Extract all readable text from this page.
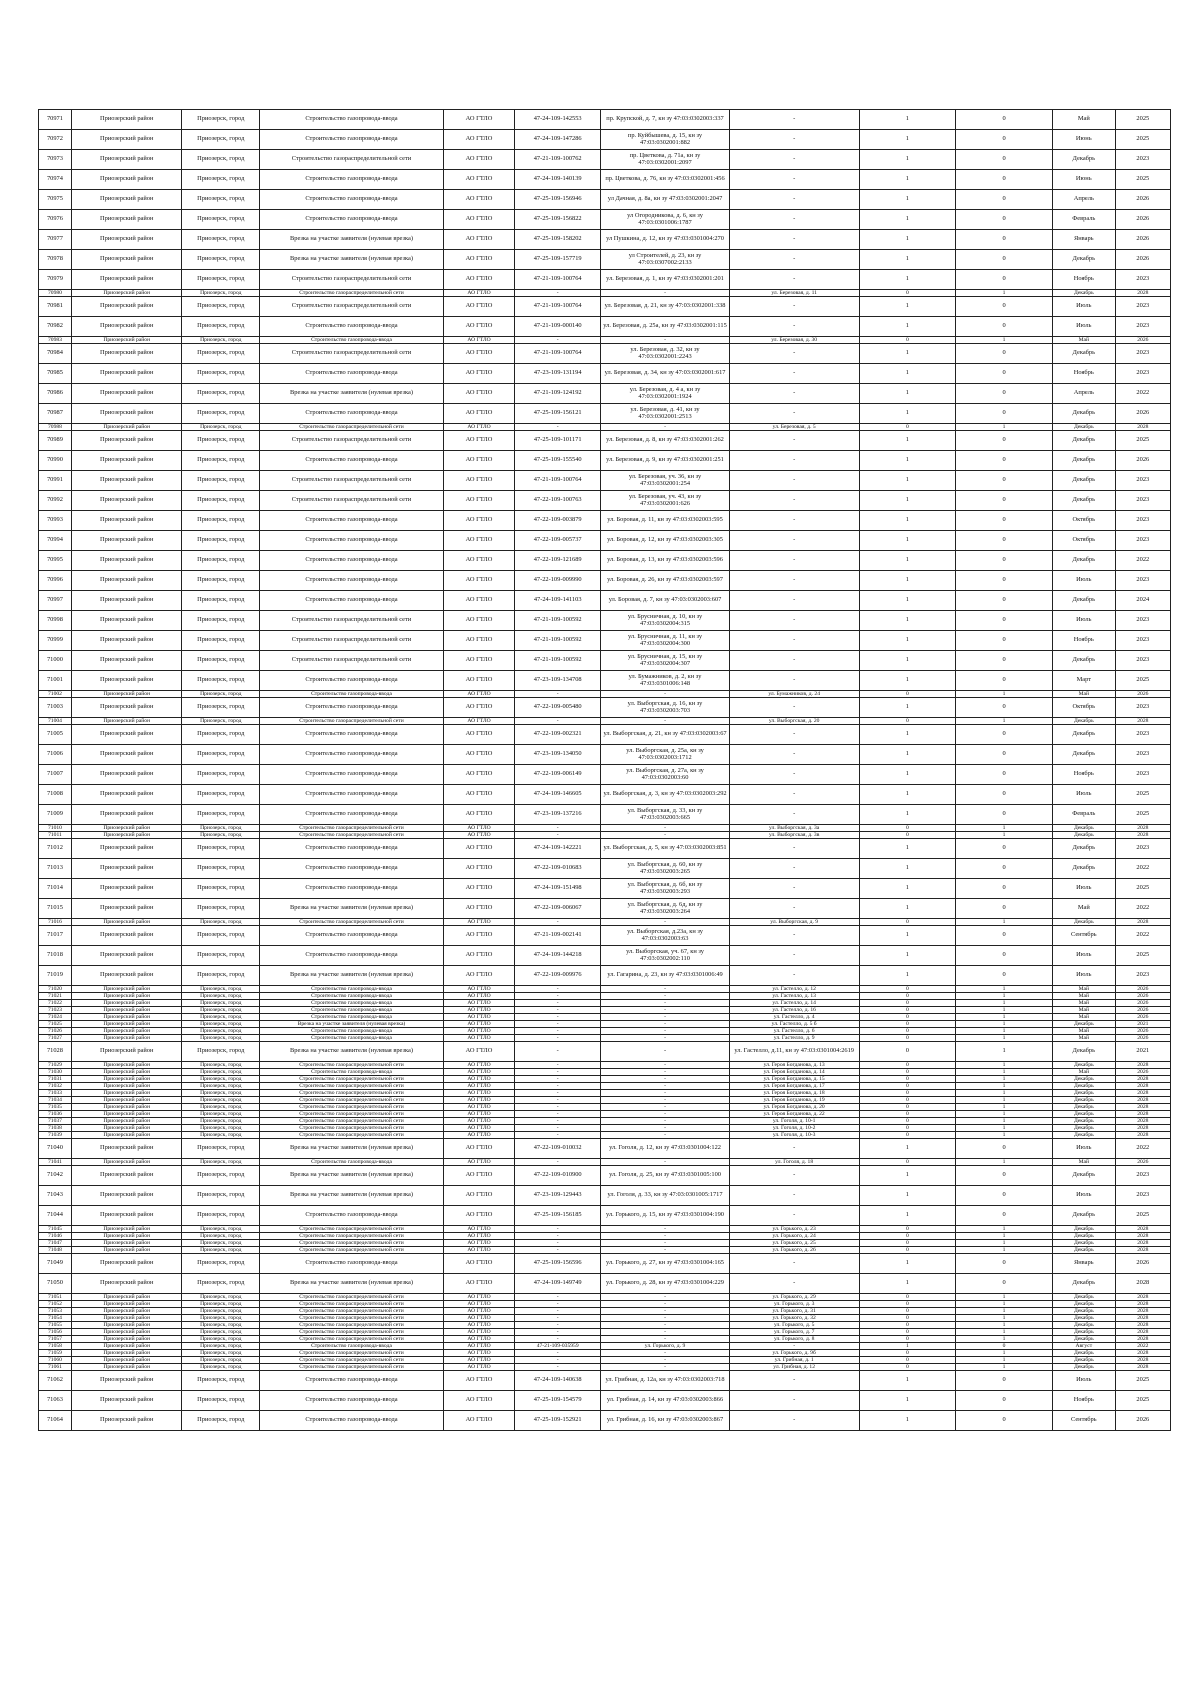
70971	Приозерский район	Приозерск, город	Строительство газопровода-ввода	АО ГТЛО	47-24-109-142553	пр. Крупской, д. 7, кн зу 47:03:0302003:337	-	1	0	Май	2025
70972	Приозерский район	Приозерск, город	Строительство газопровода-ввода	АО ГТЛО	47-24-109-147286	пр. Куйбышева, д. 15, кн зу 47:03:0302001:882	-	1	0	Июнь	2025
70973	Приозерский район	Приозерск, город	Строительство газораспределительной сети	АО ГТЛО	47-21-109-100762	пр. Цветкова, д. 71а, кн зу 47:03:0302001:2097	-	1	0	Декабрь	2023
70974	Приозерский район	Приозерск, город	Строительство газопровода-ввода	АО ГТЛО	47-24-109-140139	пр. Цветкова, д. 76, кн зу 47:03:0302001:456	-	1	0	Июнь	2025
70975	Приозерский район	Приозерск, город	Строительство газопровода-ввода	АО ГТЛО	47-25-109-156946	ул Дачная, д. 8а, кн зу 47:03:0302001:2047	-	1	0	Апрель	2026
70976	Приозерский район	Приозерск, город	Строительство газопровода-ввода	АО ГТЛО	47-25-109-156822	ул Огородникова, д. 6, кн зу 47:03:0301006:1787	-	1	0	Февраль	2026
70977	Приозерский район	Приозерск, город	Врезка на участке заявителя (нулевая врезка)	АО ГТЛО	47-25-109-158202	ул Пушкина, д. 12, кн зу 47:03:0301004:270	-	1	0	Январь	2026
70978	Приозерский район	Приозерск, город	Врезка на участке заявителя (нулевая врезка)	АО ГТЛО	47-25-109-157719	ул Строителей, д. 23, кн зу 47:03:0307002:2133	-	1	0	Декабрь	2026
70979	Приозерский район	Приозерск, город	Строительство газораспределительной сети	АО ГТЛО	47-21-109-100764	ул. Березовая, д. 1, кн зу 47:03:0302001:201	-	1	0	Ноябрь	2023
70980	Приозерский район	Приозерск, город	Строительство газораспределительной сети	АО ГТЛО	-	-	ул. Березовая, д. 11	0	1	Декабрь	2028
70981	Приозерский район	Приозерск, город	Строительство газораспределительной сети	АО ГТЛО	47-21-109-100764	ул. Березовая, д. 21, кн зу 47:03:0302001:338	-	1	0	Июль	2023
70982	Приозерский район	Приозерск, город	Строительство газопровода-ввода	АО ГТЛО	47-21-109-000140	ул. Березовая, д. 25а, кн зу 47:03:0302001:115	-	1	0	Июль	2023
70983	Приозерский район	Приозерск, город	Строительство газопровода-ввода	АО ГТЛО	-	-	ул. Березовая, д. 30	0	1	Май	2026
70984	Приозерский район	Приозерск, город	Строительство газораспределительной сети	АО ГТЛО	47-21-109-100764	ул. Березовая, д. 32, кн зу 47:03:0302001:2243	-	1	0	Декабрь	2023
70985	Приозерский район	Приозерск, город	Строительство газопровода-ввода	АО ГТЛО	47-23-109-131194	ул. Березовая, д. 34, кн зу 47:03:0302001:617	-	1	0	Ноябрь	2023
70986	Приозерский район	Приозерск, город	Врезка на участке заявителя (нулевая врезка)	АО ГТЛО	47-21-109-124192	ул. Березовая, д. 4 а, кн зу 47:03:0302001:1924	-	1	0	Апрель	2022
70987	Приозерский район	Приозерск, город	Строительство газопровода-ввода	АО ГТЛО	47-25-109-156121	ул. Березовая, д. 41, кн зу 47:03:0302001:2513	-	1	0	Декабрь	2026
70988	Приозерский район	Приозерск, город	Строительство газораспределительной сети	АО ГТЛО	-	-	ул. Березовая, д. 5	0	1	Декабрь	2028
70989	Приозерский район	Приозерск, город	Строительство газораспределительной сети	АО ГТЛО	47-25-109-101171	ул. Березовая, д. 8, кн зу 47:03:0302001:262	-	1	0	Декабрь	2025
70990	Приозерский район	Приозерск, город	Строительство газопровода-ввода	АО ГТЛО	47-25-109-155540	ул. Березовая, д. 9, кн зу 47:03:0302001:251	-	1	0	Декабрь	2026
70991	Приозерский район	Приозерск, город	Строительство газораспределительной сети	АО ГТЛО	47-21-109-100764	ул. Березовая, уч. 36, кн зу 47:03:0302001:254	-	1	0	Декабрь	2023
70992	Приозерский район	Приозерск, город	Строительство газораспределительной сети	АО ГТЛО	47-22-109-100763	ул. Березовая, уч. 43, кн зу 47:03:0302001:626	-	1	0	Декабрь	2023
70993	Приозерский район	Приозерск, город	Строительство газопровода-ввода	АО ГТЛО	47-22-109-003879	ул. Боровая, д. 11, кн зу 47:03:0302003:595	-	1	0	Октябрь	2023
70994	Приозерский район	Приозерск, город	Строительство газопровода-ввода	АО ГТЛО	47-22-109-005737	ул. Боровая, д. 12, кн зу 47:03:0302003:305	-	1	0	Октябрь	2023
70995	Приозерский район	Приозерск, город	Строительство газопровода-ввода	АО ГТЛО	47-22-109-121689	ул. Боровая, д. 13, кн зу 47:03:0302003:596	-	1	0	Декабрь	2022
70996	Приозерский район	Приозерск, город	Строительство газопровода-ввода	АО ГТЛО	47-22-109-009990	ул. Боровая, д. 26, кн зу 47:03:0302003:597	-	1	0	Июль	2023
70997	Приозерский район	Приозерск, город	Строительство газопровода-ввода	АО ГТЛО	47-24-109-141103	ул. Боровая, д. 7, кн зу 47:03:0302003:607	-	1	0	Декабрь	2024
70998	Приозерский район	Приозерск, город	Строительство газораспределительной сети	АО ГТЛО	47-21-109-100592	ул. Брусничная, д. 10, кн зу 47:03:0302004:315	-	1	0	Июль	2023
70999	Приозерский район	Приозерск, город	Строительство газораспределительной сети	АО ГТЛО	47-21-109-100592	ул. Брусничная, д. 11, кн зу 47:03:0302004:300	-	1	0	Ноябрь	2023
71000	Приозерский район	Приозерск, город	Строительство газораспределительной сети	АО ГТЛО	47-21-109-100592	ул. Брусничная, д. 15, кн зу 47:03:0302004:307	-	1	0	Декабрь	2023
71001	Приозерский район	Приозерск, город	Строительство газопровода-ввода	АО ГТЛО	47-23-109-134708	ул. Бумажников, д. 2, кн зу 47:03:0301006:148	-	1	0	Март	2025
71002	Приозерский район	Приозерск, город	Строительство газопровода-ввода	АО ГТЛО	-	-	ул. Бумажников, д. 24	0	1	Май	2026
71003	Приозерский район	Приозерск, город	Строительство газопровода-ввода	АО ГТЛО	47-22-109-005480	ул. Выборгская, д. 16, кн зу 47:03:0302003:703	-	1	0	Октябрь	2023
71004	Приозерский район	Приозерск, город	Строительство газораспределительной сети	АО ГТЛО	-	-	ул. Выборгская, д. 20	0	1	Декабрь	2028
71005	Приозерский район	Приозерск, город	Строительство газопровода-ввода	АО ГТЛО	47-22-109-002321	ул. Выборгская, д. 21, кн зу 47:03:0302003:67	-	1	0	Декабрь	2023
71006	Приозерский район	Приозерск, город	Строительство газопровода-ввода	АО ГТЛО	47-23-109-134050	ул. Выборгская, д. 25а, кн зу 47:03:0302003:1712	-	1	0	Декабрь	2023
71007	Приозерский район	Приозерск, город	Строительство газопровода-ввода	АО ГТЛО	47-22-109-006149	ул. Выборгская, д. 27а, кн зу 47:03:0302003:60	-	1	0	Ноябрь	2023
71008	Приозерский район	Приозерск, город	Строительство газопровода-ввода	АО ГТЛО	47-24-109-146605	ул. Выборгская, д. 3, кн зу 47:03:0302003:292	-	1	0	Июль	2025
71009	Приозерский район	Приозерск, город	Строительство газопровода-ввода	АО ГТЛО	47-23-109-137216	ул. Выборгская, д. 33, кн зу 47:03:0302003:665	-	1	0	Февраль	2025
71010	Приозерский район	Приозерск, город	Строительство газораспределительной сети	АО ГТЛО	-	-	ул. Выборгская, д. 3а	0	1	Декабрь	2028
71011	Приозерский район	Приозерск, город	Строительство газораспределительной сети	АО ГТЛО	-	-	ул. Выборгская, д. 3в	0	1	Декабрь	2028
71012	Приозерский район	Приозерск, город	Строительство газопровода-ввода	АО ГТЛО	47-24-109-142221	ул. Выборгская, д. 5, кн зу 47:03:0302003:851	-	1	0	Декабрь	2023
71013	Приозерский район	Приозерск, город	Строительство газопровода-ввода	АО ГТЛО	47-22-109-010683	ул. Выборгская, д. 60, кн зу 47:03:0302003:265	-	1	0	Декабрь	2022
71014	Приозерский район	Приозерск, город	Строительство газопровода-ввода	АО ГТЛО	47-24-109-151498	ул. Выборгская, д. 6б, кн зу 47:03:0302003:293	-	1	0	Июль	2025
71015	Приозерский район	Приозерск, город	Врезка на участке заявителя (нулевая врезка)	АО ГТЛО	47-22-109-006067	ул. Выборгская, д. 6д, кн зу 47:03:0302003:264	-	1	0	Май	2022
71016	Приозерский район	Приозерск, город	Строительство газораспределительной сети	АО ГТЛО	-	-	ул. Выборгская, д. 9	0	1	Декабрь	2028
71017	Приозерский район	Приозерск, город	Строительство газопровода-ввода	АО ГТЛО	47-21-109-002141	ул. Выборгская, д.23а, кн зу 47:03:0302003:63	-	1	0	Сентябрь	2022
71018	Приозерский район	Приозерск, город	Строительство газопровода-ввода	АО ГТЛО	47-24-109-144218	ул. Выборгская, уч. 67, кн зу 47:03:0302002:110	-	1	0	Июль	2025
71019	Приозерский район	Приозерск, город	Врезка на участке заявителя (нулевая врезка)	АО ГТЛО	47-22-109-009976	ул. Гагарина, д. 23, кн зу 47:03:0301006:49	-	1	0	Июль	2023
71020	Приозерский район	Приозерск, город	Строительство газопровода-ввода	АО ГТЛО	-	-	ул. Гастелло, д. 12	0	1	Май	2026
71021	Приозерский район	Приозерск, город	Строительство газопровода-ввода	АО ГТЛО	-	-	ул. Гастелло, д. 13	0	1	Май	2026
71022	Приозерский район	Приозерск, город	Строительство газопровода-ввода	АО ГТЛО	-	-	ул. Гастелло, д. 14	0	1	Май	2026
71023	Приозерский район	Приозерск, город	Строительство газопровода-ввода	АО ГТЛО	-	-	ул. Гастелло, д. 16	0	1	Май	2026
71024	Приозерский район	Приозерск, город	Строительство газопровода-ввода	АО ГТЛО	-	-	ул. Гастелло, д. 4	0	1	Май	2026
71025	Приозерский район	Приозерск, город	Врезка на участке заявителя (нулевая врезка)	АО ГТЛО	-	-	ул. Гастелло, д. 5 б	0	1	Декабрь	2021
71026	Приозерский район	Приозерск, город	Строительство газопровода-ввода	АО ГТЛО	-	-	ул. Гастелло, д. 6	0	1	Май	2026
71027	Приозерский район	Приозерск, город	Строительство газопровода-ввода	АО ГТЛО	-	-	ул. Гастелло, д. 9	0	1	Май	2026
71028	Приозерский район	Приозерск, город	Врезка на участке заявителя (нулевая врезка)	АО ГТЛО	-	-	ул. Гастелло, д.11, кн зу 47:03:0301004:2619	0	1	Декабрь	2021
71029	Приозерский район	Приозерск, город	Строительство газораспределительной сети	АО ГТЛО	-	-	ул. Героя Богданова, д. 13	0	1	Декабрь	2028
71030	Приозерский район	Приозерск, город	Строительство газопровода-ввода	АО ГТЛО	-	-	ул. Героя Богданова, д. 14	0	1	Май	2026
71031	Приозерский район	Приозерск, город	Строительство газораспределительной сети	АО ГТЛО	-	-	ул. Героя Богданова, д. 15	0	1	Декабрь	2028
71032	Приозерский район	Приозерск, город	Строительство газораспределительной сети	АО ГТЛО	-	-	ул. Героя Богданова, д. 17	0	1	Декабрь	2028
71033	Приозерский район	Приозерск, город	Строительство газораспределительной сети	АО ГТЛО	-	-	ул. Героя Богданова, д. 18	0	1	Декабрь	2028
71034	Приозерский район	Приозерск, город	Строительство газораспределительной сети	АО ГТЛО	-	-	ул. Героя Богданова, д. 19	0	1	Декабрь	2028
71035	Приозерский район	Приозерск, город	Строительство газораспределительной сети	АО ГТЛО	-	-	ул. Героя Богданова, д. 20	0	1	Декабрь	2028
71036	Приозерский район	Приозерск, город	Строительство газораспределительной сети	АО ГТЛО	-	-	ул. Героя Богданова, д. 22	0	1	Декабрь	2028
71037	Приозерский район	Приозерск, город	Строительство газораспределительной сети	АО ГТЛО	-	-	ул. Гоголя, д. 10-1	0	1	Декабрь	2028
71038	Приозерский район	Приозерск, город	Строительство газораспределительной сети	АО ГТЛО	-	-	ул. Гоголя, д. 10-2	0	1	Декабрь	2028
71039	Приозерский район	Приозерск, город	Строительство газораспределительной сети	АО ГТЛО	-	-	ул. Гоголя, д. 10-3	0	1	Декабрь	2028
71040	Приозерский район	Приозерск, город	Врезка на участке заявителя (нулевая врезка)	АО ГТЛО	47-22-109-010032	ул. Гоголя, д. 12, кн зу 47:03:0301004:122	-	1	0	Июль	2022
71041	Приозерский район	Приозерск, город	Строительство газопровода-ввода	АО ГТЛО	-	-	ул. Гоголя, д. 18	0	1	Май	2026
71042	Приозерский район	Приозерск, город	Врезка на участке заявителя (нулевая врезка)	АО ГТЛО	47-22-109-010900	ул. Гоголя, д. 25, кн зу 47:03:0301005:100	-	1	0	Декабрь	2023
71043	Приозерский район	Приозерск, город	Врезка на участке заявителя (нулевая врезка)	АО ГТЛО	47-23-109-129443	ул. Гоголя, д. 33, кн зу 47:03:0301005:1717	-	1	0	Июль	2023
71044	Приозерский район	Приозерск, город	Строительство газопровода-ввода	АО ГТЛО	47-25-109-156185	ул. Горького, д. 15, кн зу 47:03:0301004:190	-	1	0	Декабрь	2025
71045	Приозерский район	Приозерск, город	Строительство газораспределительной сети	АО ГТЛО	-	-	ул. Горького, д. 23	0	1	Декабрь	2028
71046	Приозерский район	Приозерск, город	Строительство газораспределительной сети	АО ГТЛО	-	-	ул. Горького, д. 24	0	1	Декабрь	2028
71047	Приозерский район	Приозерск, город	Строительство газораспределительной сети	АО ГТЛО	-	-	ул. Горького, д. 25	0	1	Декабрь	2028
71048	Приозерский район	Приозерск, город	Строительство газораспределительной сети	АО ГТЛО	-	-	ул. Горького, д. 26	0	1	Декабрь	2028
71049	Приозерский район	Приозерск, город	Строительство газопровода-ввода	АО ГТЛО	47-25-109-156596	ул. Горького, д. 27, кн зу 47:03:0301004:165	-	1	0	Январь	2026
71050	Приозерский район	Приозерск, город	Врезка на участке заявителя (нулевая врезка)	АО ГТЛО	47-24-109-149749	ул. Горького, д. 28, кн зу 47:03:0301004:229	-	1	0	Декабрь	2028
71051	Приозерский район	Приозерск, город	Строительство газораспределительной сети	АО ГТЛО	-	-	ул. Горького, д. 29	0	1	Декабрь	2028
71052	Приозерский район	Приозерск, город	Строительство газораспределительной сети	АО ГТЛО	-	-	ул. Горького, д. 3	0	1	Декабрь	2028
71053	Приозерский район	Приозерск, город	Строительство газораспределительной сети	АО ГТЛО	-	-	ул. Горького, д. 31	0	1	Декабрь	2028
71054	Приозерский район	Приозерск, город	Строительство газораспределительной сети	АО ГТЛО	-	-	ул. Горького, д. 32	0	1	Декабрь	2028
71055	Приозерский район	Приозерск, город	Строительство газораспределительной сети	АО ГТЛО	-	-	ул. Горького, д. 5	0	1	Декабрь	2028
71056	Приозерский район	Приозерск, город	Строительство газораспределительной сети	АО ГТЛО	-	-	ул. Горького, д. 7	0	1	Декабрь	2028
71057	Приозерский район	Приозерск, город	Строительство газораспределительной сети	АО ГТЛО	-	-	ул. Горького, д. 8	0	1	Декабрь	2028
71058	Приозерский район	Приозерск, город	Строительство газопровода-ввода	АО ГТЛО	47-21-109-035959	ул. Горького, д. 9	-	1	0	Август	2022
71059	Приозерский район	Приозерск, город	Строительство газораспределительной сети	АО ГТЛО	-	-	ул. Горького, д. 9б	0	1	Декабрь	2028
71060	Приозерский район	Приозерск, город	Строительство газораспределительной сети	АО ГТЛО	-	-	ул. Грибная, д. 1	0	1	Декабрь	2028
71061	Приозерский район	Приозерск, город	Строительство газораспределительной сети	АО ГТЛО	-	-	ул. Грибная, д. 12	0	1	Декабрь	2028
71062	Приозерский район	Приозерск, город	Строительство газопровода-ввода	АО ГТЛО	47-24-109-140638	ул. Грибная, д. 12а, кн зу 47:03:0302003:718	-	1	0	Июль	2025
71063	Приозерский район	Приозерск, город	Строительство газопровода-ввода	АО ГТЛО	47-25-109-154579	ул. Грибная, д. 14, кн зу 47:03:0302003:866	-	1	0	Ноябрь	2025
71064	Приозерский район	Приозерск, город	Строительство газопровода-ввода	АО ГТЛО	47-25-109-152921	ул. Грибная, д. 16, кн зу 47:03:0302003:867	-	1	0	Сентябрь	2026
